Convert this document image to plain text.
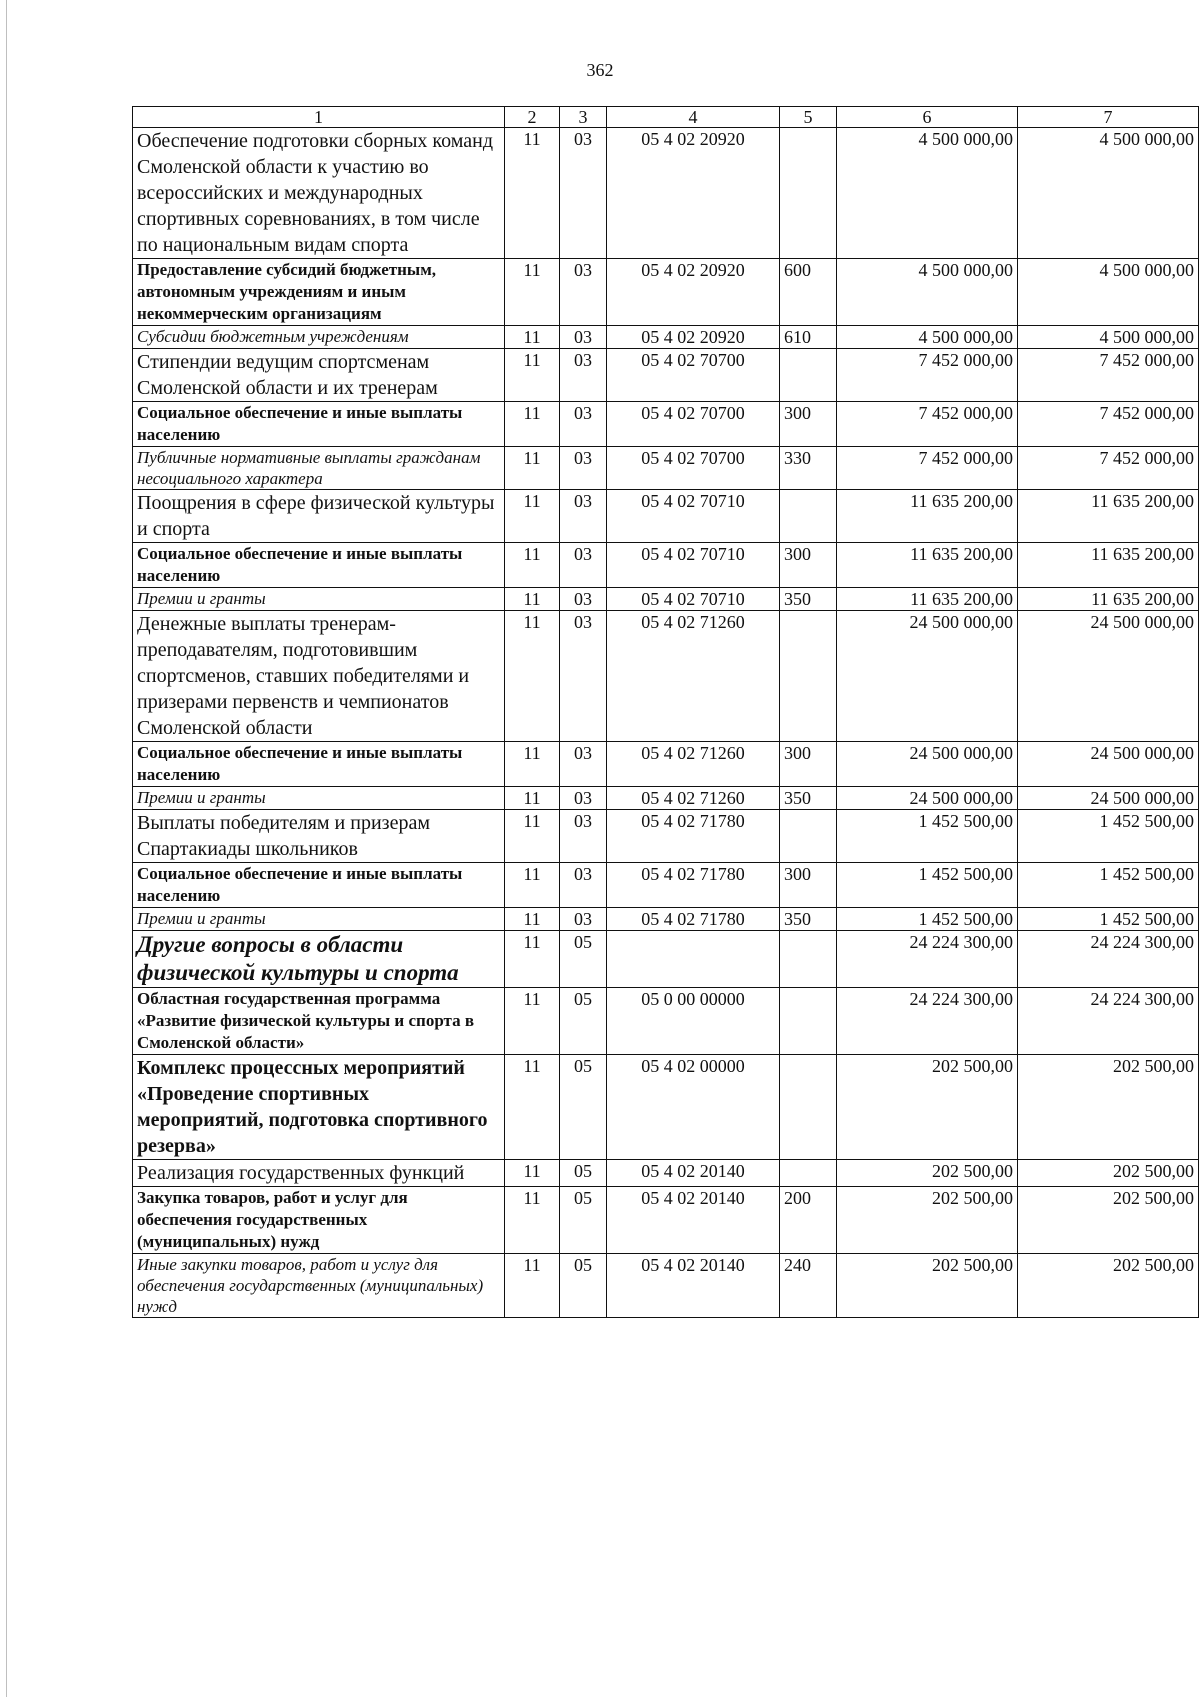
362
1	2	3	4	5	6	7
Обеспечение подготовки сборных команд Смоленской области к участию во всероссийских и международных спортивных соревнованиях, в том числе по национальным видам спорта	11	03	05 4 02 20920		4 500 000,00	4 500 000,00
Предоставление субсидий бюджетным, автономным учреждениям и иным некоммерческим организациям	11	03	05 4 02 20920	600	4 500 000,00	4 500 000,00
Субсидии бюджетным учреждениям	11	03	05 4 02 20920	610	4 500 000,00	4 500 000,00
Стипендии ведущим спортсменам Смоленской области и их тренерам	11	03	05 4 02 70700		7 452 000,00	7 452 000,00
Социальное обеспечение и иные выплаты населению	11	03	05 4 02 70700	300	7 452 000,00	7 452 000,00
Публичные нормативные выплаты гражданам несоциального характера	11	03	05 4 02 70700	330	7 452 000,00	7 452 000,00
Поощрения в сфере физической культуры и спорта	11	03	05 4 02 70710		11 635 200,00	11 635 200,00
Социальное обеспечение и иные выплаты населению	11	03	05 4 02 70710	300	11 635 200,00	11 635 200,00
Премии и гранты	11	03	05 4 02 70710	350	11 635 200,00	11 635 200,00
Денежные выплаты тренерам-преподавателям, подготовившим спортсменов, ставших победителями и призерами первенств и чемпионатов Смоленской области	11	03	05 4 02 71260		24 500 000,00	24 500 000,00
Социальное обеспечение и иные выплаты населению	11	03	05 4 02 71260	300	24 500 000,00	24 500 000,00
Премии и гранты	11	03	05 4 02 71260	350	24 500 000,00	24 500 000,00
Выплаты победителям и призерам Спартакиады школьников	11	03	05 4 02 71780		1 452 500,00	1 452 500,00
Социальное обеспечение и иные выплаты населению	11	03	05 4 02 71780	300	1 452 500,00	1 452 500,00
Премии и гранты	11	03	05 4 02 71780	350	1 452 500,00	1 452 500,00
Другие вопросы в области физической культуры и спорта	11	05			24 224 300,00	24 224 300,00
Областная государственная программа «Развитие физической культуры и спорта в Смоленской области»	11	05	05 0 00 00000		24 224 300,00	24 224 300,00
Комплекс процессных мероприятий «Проведение спортивных мероприятий, подготовка спортивного резерва»	11	05	05 4 02 00000		202 500,00	202 500,00
Реализация государственных функций	11	05	05 4 02 20140		202 500,00	202 500,00
Закупка товаров, работ и услуг для обеспечения государственных (муниципальных) нужд	11	05	05 4 02 20140	200	202 500,00	202 500,00
Иные закупки товаров, работ и услуг для обеспечения государственных (муниципальных) нужд	11	05	05 4 02 20140	240	202 500,00	202 500,00
